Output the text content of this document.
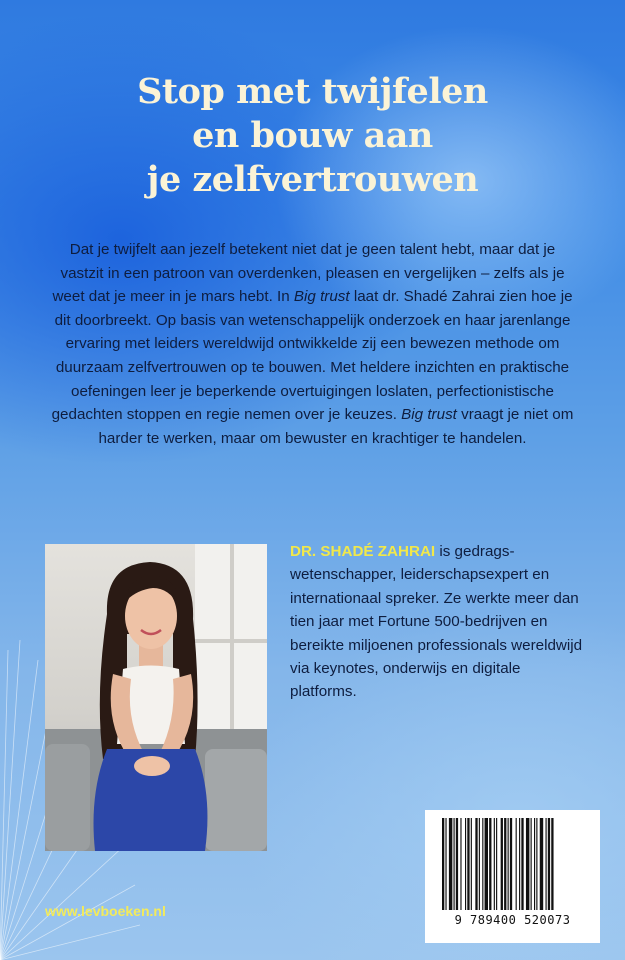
Stop met twijfelen
en bouw aan
je zelfvertrouwen

Dat je twijfelt aan jezelf betekent niet dat je geen talent hebt, maar dat je vastzit in een patroon van overdenken, pleasen en vergelijken – zelfs als je weet dat je meer in je mars hebt. In Big trust laat dr. Shadé Zahrai zien hoe je dit doorbreekt. Op basis van wetenschappelijk onderzoek en haar jarenlange ervaring met leiders wereldwijd ontwikkelde zij een bewezen methode om duurzaam zelfvertrouwen op te bouwen. Met heldere inzichten en praktische oefeningen leer je beperkende overtuigingen loslaten, perfectionistische gedachten stoppen en regie nemen over je keuzes. Big trust vraagt je niet om harder te werken, maar om bewuster en krachtiger te handelen.

DR. SHADÉ ZAHRAI is gedragswetenschapper, leiderschapsexpert en internationaal spreker. Ze werkte meer dan tien jaar met Fortune 500-bedrijven en bereikte miljoenen professionals wereldwijd via keynotes, onderwijs en digitale platforms.

9 789400 520073
www.levboeken.nl
